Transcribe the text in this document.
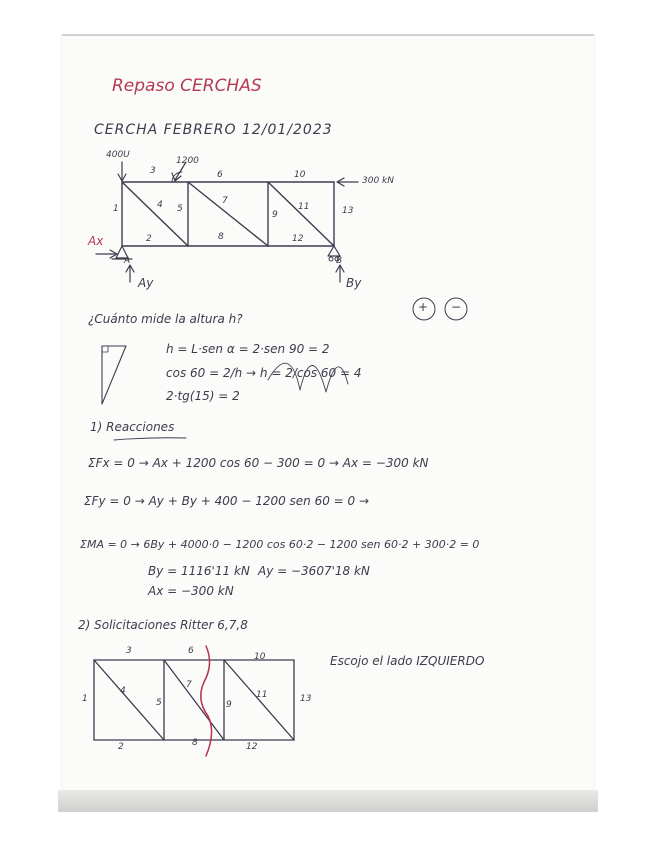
Repaso CERCHAS
CERCHA FEBRERO 12/01/2023
400U
1200
300 kN
Ax
Ay	By
A	B
1
2
3
4 5
6
7
8
9
10
11
12
13
¿Cuánto mide la altura h?
+ −
h = L·sen α = 2·sen 90 = 2
cos 60 = 2/h → h = 2/cos 60 = 4
2·tg(15) = 2
1) Reacciones
ΣFx = 0 → Ax + 1200 cos 60 − 300 = 0 → Ax = −300 kN
ΣFy = 0 → Ay + By + 400 − 1200 sen 60 = 0 →
ΣMA = 0 → 6By + 4000·0 − 1200 cos 60·2 − 1200 sen 60·2 + 300·2 = 0
By = 1116'11 kN Ay = −3607'18 kN
Ax = −300 kN
2) Solicitaciones Ritter 6,7,8
Escojo el lado IZQUIERDO
1
2
3
4
5
6
7
8
9
10
11
12
13
